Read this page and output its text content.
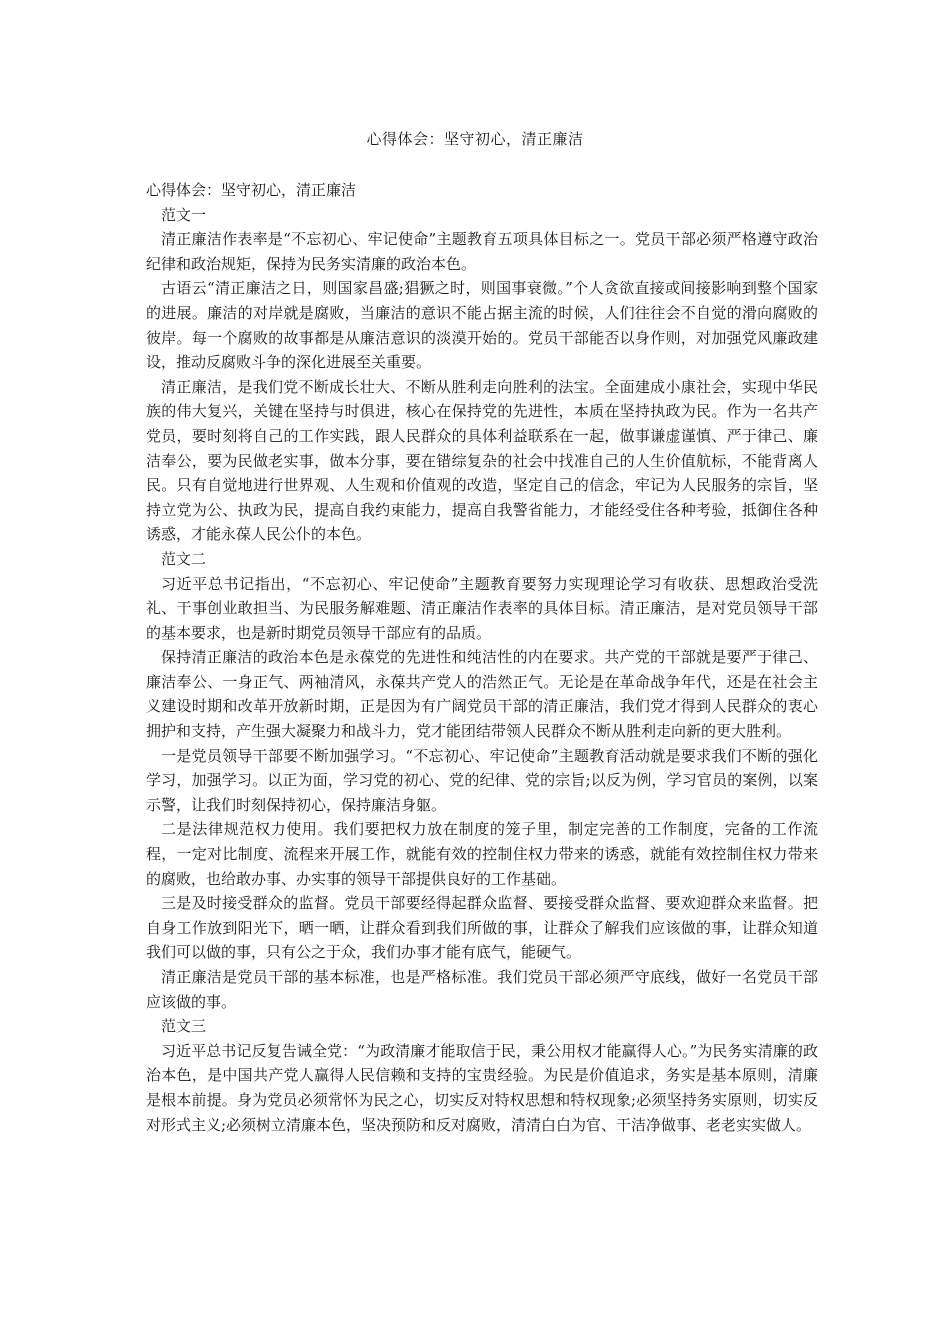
心得体会：坚守初心，清正廉洁

心得体会：坚守初心，清正廉洁

范文一

清正廉洁作表率是“不忘初心、牢记使命”主题教育五项具体目标之一。党员干部必须严格遵守政治纪律和政治规矩，保持为民务实清廉的政治本色。

古语云“清正廉洁之日，则国家昌盛;猖獗之时，则国事衰微。”个人贪欲直接或间接影响到整个国家的进展。廉洁的对岸就是腐败，当廉洁的意识不能占据主流的时候，人们往往会不自觉的滑向腐败的彼岸。每一个腐败的故事都是从廉洁意识的淡漠开始的。党员干部能否以身作则，对加强党风廉政建设，推动反腐败斗争的深化进展至关重要。

清正廉洁，是我们党不断成长壮大、不断从胜利走向胜利的法宝。全面建成小康社会，实现中华民族的伟大复兴，关键在坚持与时俱进，核心在保持党的先进性，本质在坚持执政为民。作为一名共产党员，要时刻将自己的工作实践，跟人民群众的具体利益联系在一起，做事谦虚谨慎、严于律己、廉洁奉公，要为民做老实事，做本分事，要在错综复杂的社会中找准自己的人生价值航标，不能背离人民。只有自觉地进行世界观、人生观和价值观的改造，坚定自己的信念，牢记为人民服务的宗旨，坚持立党为公、执政为民，提高自我约束能力，提高自我警省能力，才能经受住各种考验，抵御住各种诱惑，才能永葆人民公仆的本色。

范文二

习近平总书记指出，“不忘初心、牢记使命”主题教育要努力实现理论学习有收获、思想政治受洗礼、干事创业敢担当、为民服务解难题、清正廉洁作表率的具体目标。清正廉洁，是对党员领导干部的基本要求，也是新时期党员领导干部应有的品质。

保持清正廉洁的政治本色是永葆党的先进性和纯洁性的内在要求。共产党的干部就是要严于律己、廉洁奉公、一身正气、两袖清风，永葆共产党人的浩然正气。无论是在革命战争年代，还是在社会主义建设时期和改革开放新时期，正是因为有广阔党员干部的清正廉洁，我们党才得到人民群众的衷心拥护和支持，产生强大凝聚力和战斗力，党才能团结带领人民群众不断从胜利走向新的更大胜利。

一是党员领导干部要不断加强学习。“不忘初心、牢记使命”主题教育活动就是要求我们不断的强化学习，加强学习。以正为面，学习党的初心、党的纪律、党的宗旨;以反为例，学习官员的案例，以案示警，让我们时刻保持初心，保持廉洁身躯。

二是法律规范权力使用。我们要把权力放在制度的笼子里，制定完善的工作制度，完备的工作流程，一定对比制度、流程来开展工作，就能有效的控制住权力带来的诱惑，就能有效控制住权力带来的腐败，也给敢办事、办实事的领导干部提供良好的工作基础。

三是及时接受群众的监督。党员干部要经得起群众监督、要接受群众监督、要欢迎群众来监督。把自身工作放到阳光下，晒一晒，让群众看到我们所做的事，让群众了解我们应该做的事，让群众知道我们可以做的事，只有公之于众，我们办事才能有底气，能硬气。

清正廉洁是党员干部的基本标准，也是严格标准。我们党员干部必须严守底线，做好一名党员干部应该做的事。

范文三

习近平总书记反复告诫全党：“为政清廉才能取信于民，秉公用权才能赢得人心。”为民务实清廉的政治本色，是中国共产党人赢得人民信赖和支持的宝贵经验。为民是价值追求，务实是基本原则，清廉是根本前提。身为党员必须常怀为民之心，切实反对特权思想和特权现象;必须坚持务实原则，切实反对形式主义;必须树立清廉本色，坚决预防和反对腐败，清清白白为官、干洁净做事、老老实实做人。
